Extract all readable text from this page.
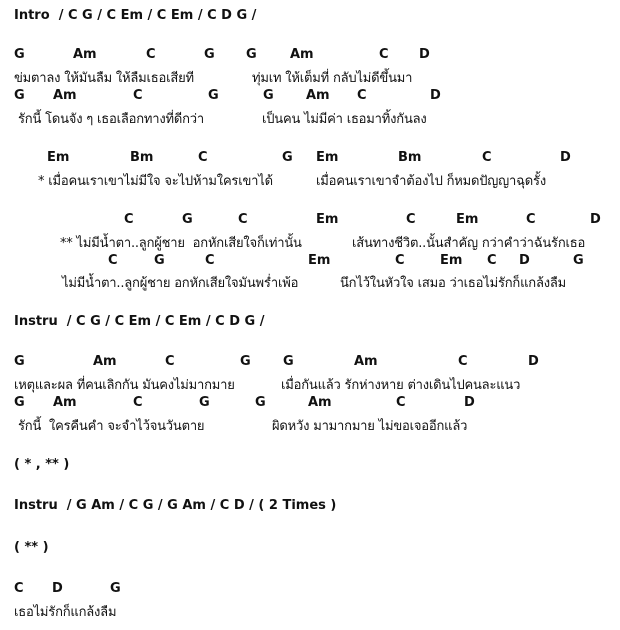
Intro  / C G / C Em / C Em / C D G /
G	Am	C	G G	Am	C D
ข่มตาลง ให้มันลืม ให้ลืมเธอเสียที	ทุ่มเท ให้เต็มที่ กลับไม่ดีขึ้นมา
G Am	C	G	G Am C	D
รักนี้ โดนจัง ๆ เธอเลือกทางที่ดีกว่า	เป็นคน ไม่มีค่า เธอมาทิ้งกันลง
Em	Bm	C	G Em	Bm	C	D
* เมื่อคนเราเขาไม่มีใจ จะไปห้ามใครเขาได้	เมื่อคนเราเขาจำต้องไป ก็หมดปัญญาฉุดรั้ง
C	G	C	Em	C	Em	C	D
** ไม่มีน้ำตา..ลูกผู้ชาย  อกหักเสียใจก็เท่านั้น	เส้นทางชีวิต..นั้นสำคัญ กว่าคำว่าฉันรักเธอ
C	G	C	Em	C	Em C D	G
ไม่มีน้ำตา..ลูกผู้ชาย อกหักเสียใจมันพร่ำเพ้อ	นึกไว้ในหัวใจ เสมอ ว่าเธอไม่รักก็แกล้งลืม
Instru  / C G / C Em / C Em / C D G /
G	Am	C	G G	Am	C	D
เหตุและผล ที่คนเลิกกัน มันคงไม่มากมาย	เมื่อกันแล้ว รักห่างหาย ต่างเดินไปคนละแนว
G Am	C	G	G	Am	C	D
รักนี้  ใครคืนคำ จะจำไว้จนวันตาย	ผิดหวัง มามากมาย ไม่ขอเจออีกแล้ว
( * , ** )
Instru  / G Am / C G / G Am / C D / ( 2 Times )
( ** )
C D	G
เธอไม่รักก็แกล้งลืม
